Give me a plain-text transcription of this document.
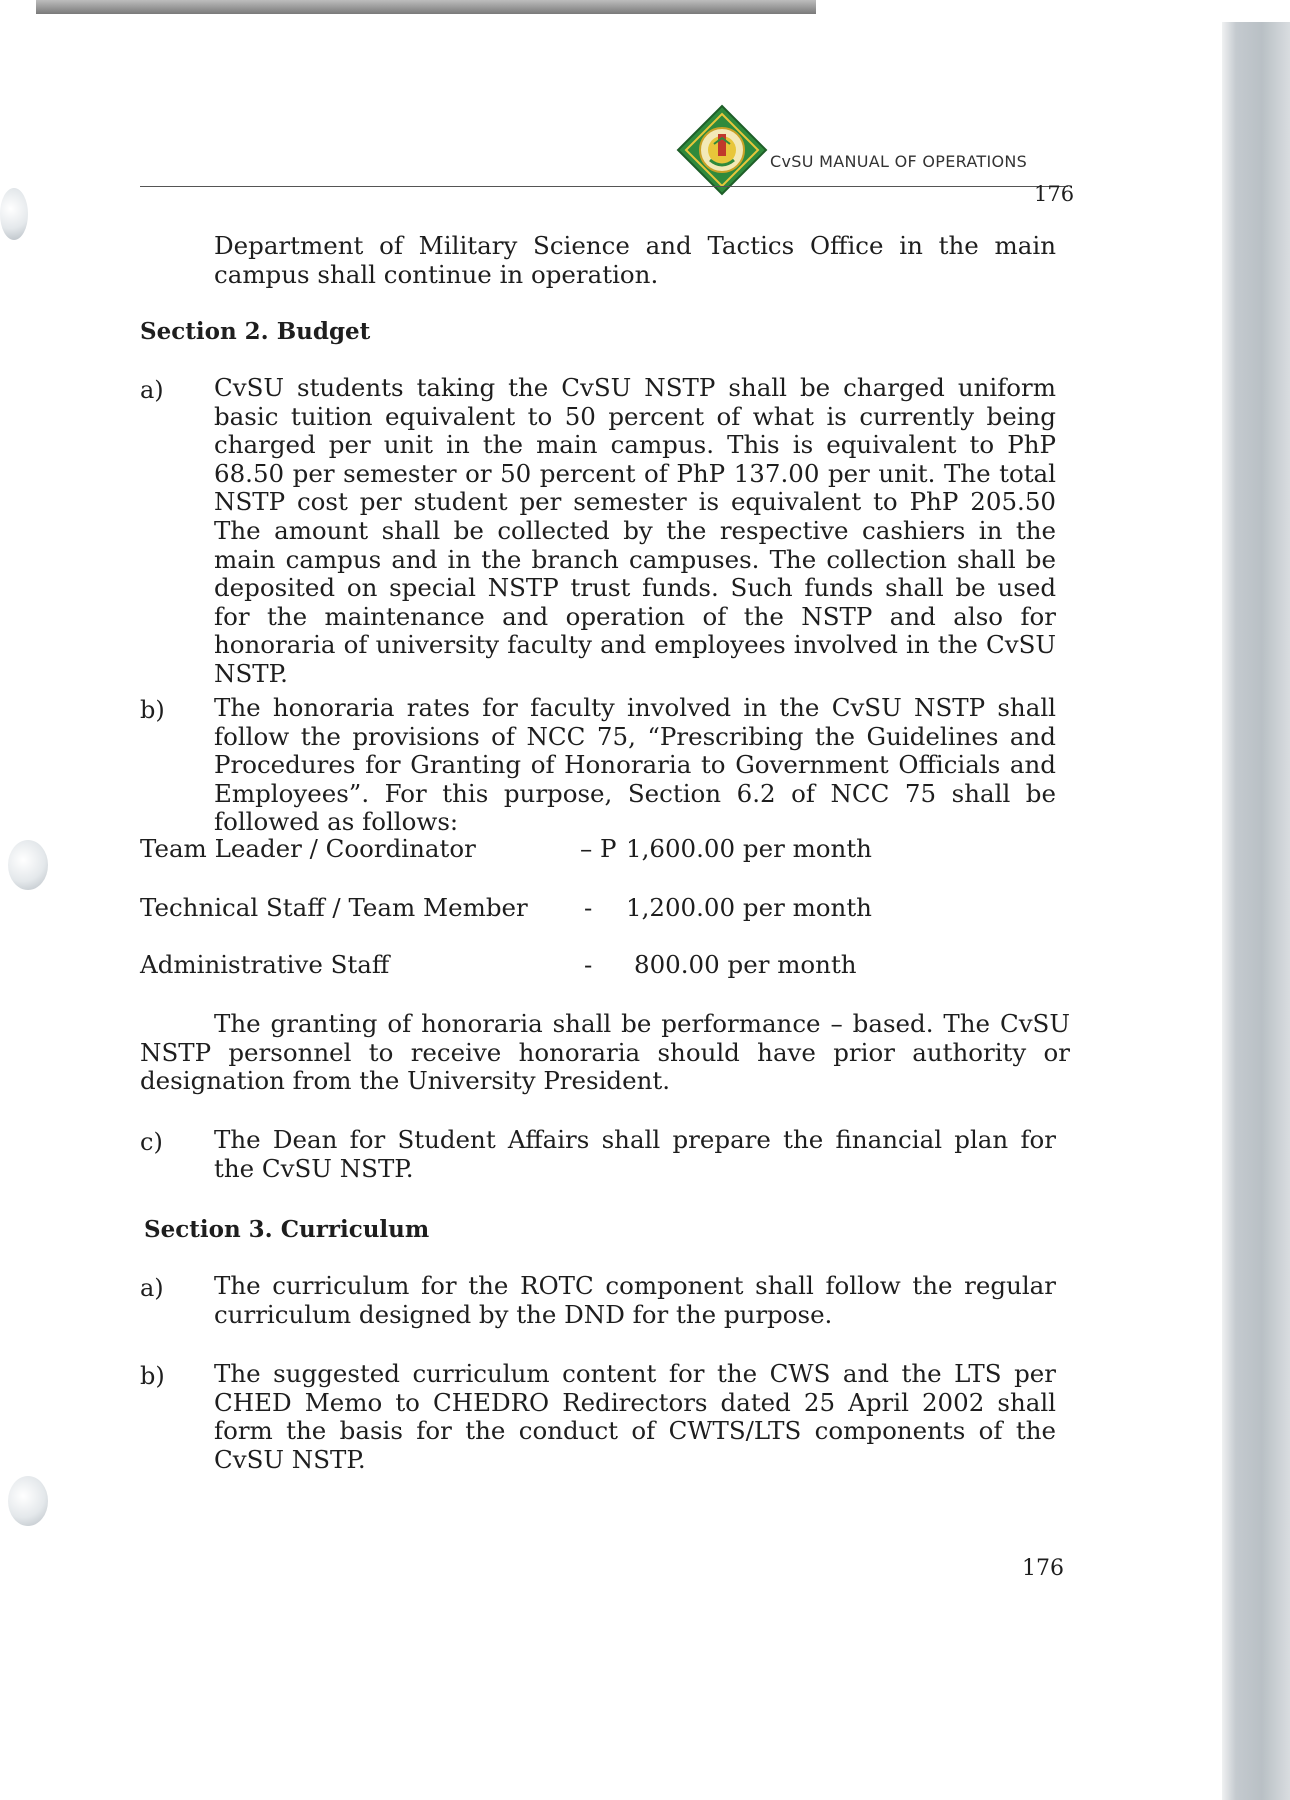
CvSU MANUAL OF OPERATIONS
176
Department of Military Science and Tactics Office in the main campus shall continue in operation.
Section 2. Budget
a) CvSU students taking the CvSU NSTP shall be charged uniform basic tuition equivalent to 50 percent of what is currently being charged per unit in the main campus. This is equivalent to PhP 68.50 per semester or 50 percent of PhP 137.00 per unit. The total NSTP cost per student per semester is equivalent to PhP 205.50 The amount shall be collected by the respective cashiers in the main campus and in the branch campuses. The collection shall be deposited on special NSTP trust funds. Such funds shall be used for the maintenance and operation of the NSTP and also for honoraria of university faculty and employees involved in the CvSU NSTP.
b) The honoraria rates for faculty involved in the CvSU NSTP shall follow the provisions of NCC 75, “Prescribing the Guidelines and Procedures for Granting of Honoraria to Government Officials and Employees”. For this purpose, Section 6.2 of NCC 75 shall be followed as follows:
Team Leader / Coordinator	– P 1,600.00 per month
Technical Staff / Team Member - 1,200.00 per month
Administrative Staff	- 800.00 per month
The granting of honoraria shall be performance – based. The CvSU NSTP personnel to receive honoraria should have prior authority or designation from the University President.
c) The Dean for Student Affairs shall prepare the financial plan for the CvSU NSTP.
Section 3. Curriculum
a) The curriculum for the ROTC component shall follow the regular curriculum designed by the DND for the purpose.
b) The suggested curriculum content for the CWS and the LTS per CHED Memo to CHEDRO Redirectors dated 25 April 2002 shall form the basis for the conduct of CWTS/LTS components of the CvSU NSTP.
176
